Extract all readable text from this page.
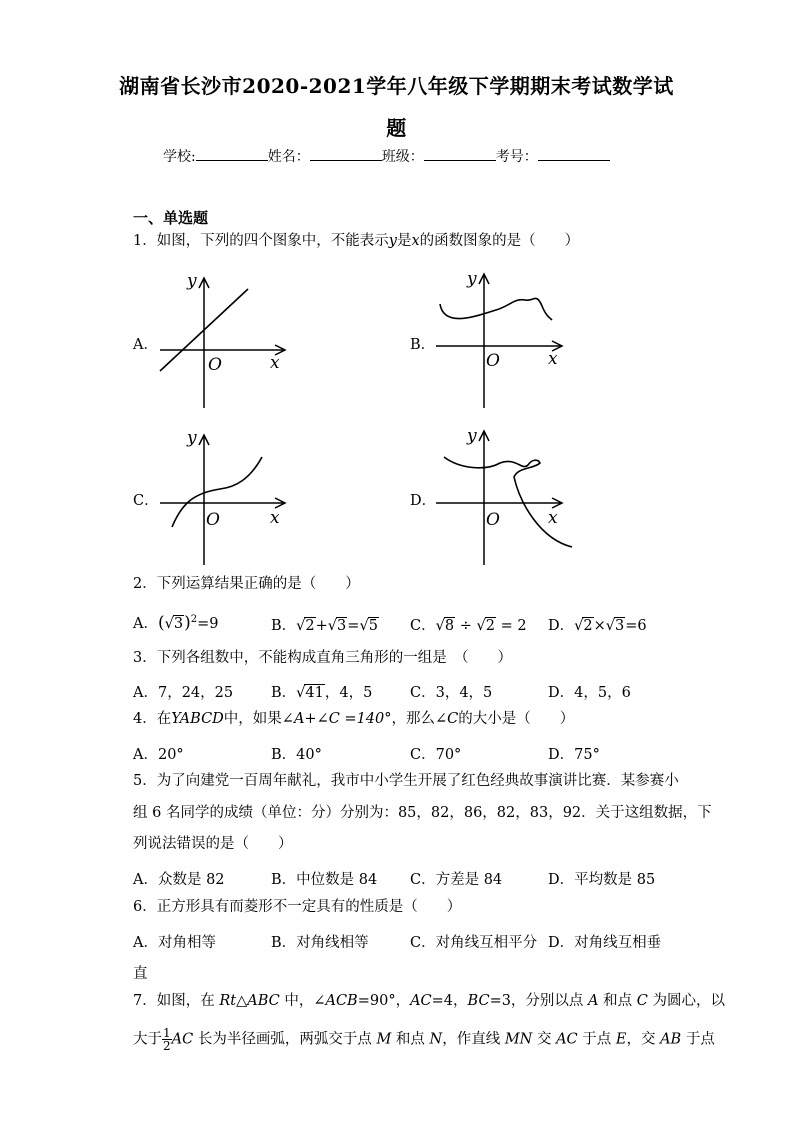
湖南省长沙市2020-2021学年八年级下学期期末考试数学试
题
学校:	姓名：	班级：	考号：
一、单选题
1．如图，下列的四个图象中，不能表示y是x的函数图象的是（　　）
A．	B．
C．	D．
y
x
O
y
x
O
y
x
O
y
x
O
2．下列运算结果正确的是（　　）
A．$(√3)^2=9$	B．√2+√3=√5 C．√8 ÷ √2 = 2 D．√2×√3=6
3．下列各组数中，不能构成直角三角形的一组是　（　　）
A．7，24，25	B．√41，4，5	C．3，4，5	D．4，5，6
4．在YABCD中，如果∠A+∠C =140°，那么∠C的大小是（　　）
A．20°	B．40°	C．70°	D．75°
5．为了向建党一百周年献礼，我市中小学生开展了红色经典故事演讲比赛．某参赛小
组 6 名同学的成绩（单位：分）分别为：85，82，86，82，83，92．关于这组数据，下
列说法错误的是（　　）
A．众数是 82	B．中位数是 84 C．方差是 84	D．平均数是 85
6．正方形具有而菱形不一定具有的性质是（　　）
A．对角相等	B．对角线相等	C．对角线互相平分 D．对角线互相垂
直
7．如图，在 Rt△ABC 中，∠ACB=90°，AC=4，BC=3，分别以点 A 和点 C 为圆心，以
大于 $\frac{1}{2}$ AC 长为半径画弧，两弧交于点 M 和点 N，作直线 MN 交 AC 于点 E，交 AB 于点
